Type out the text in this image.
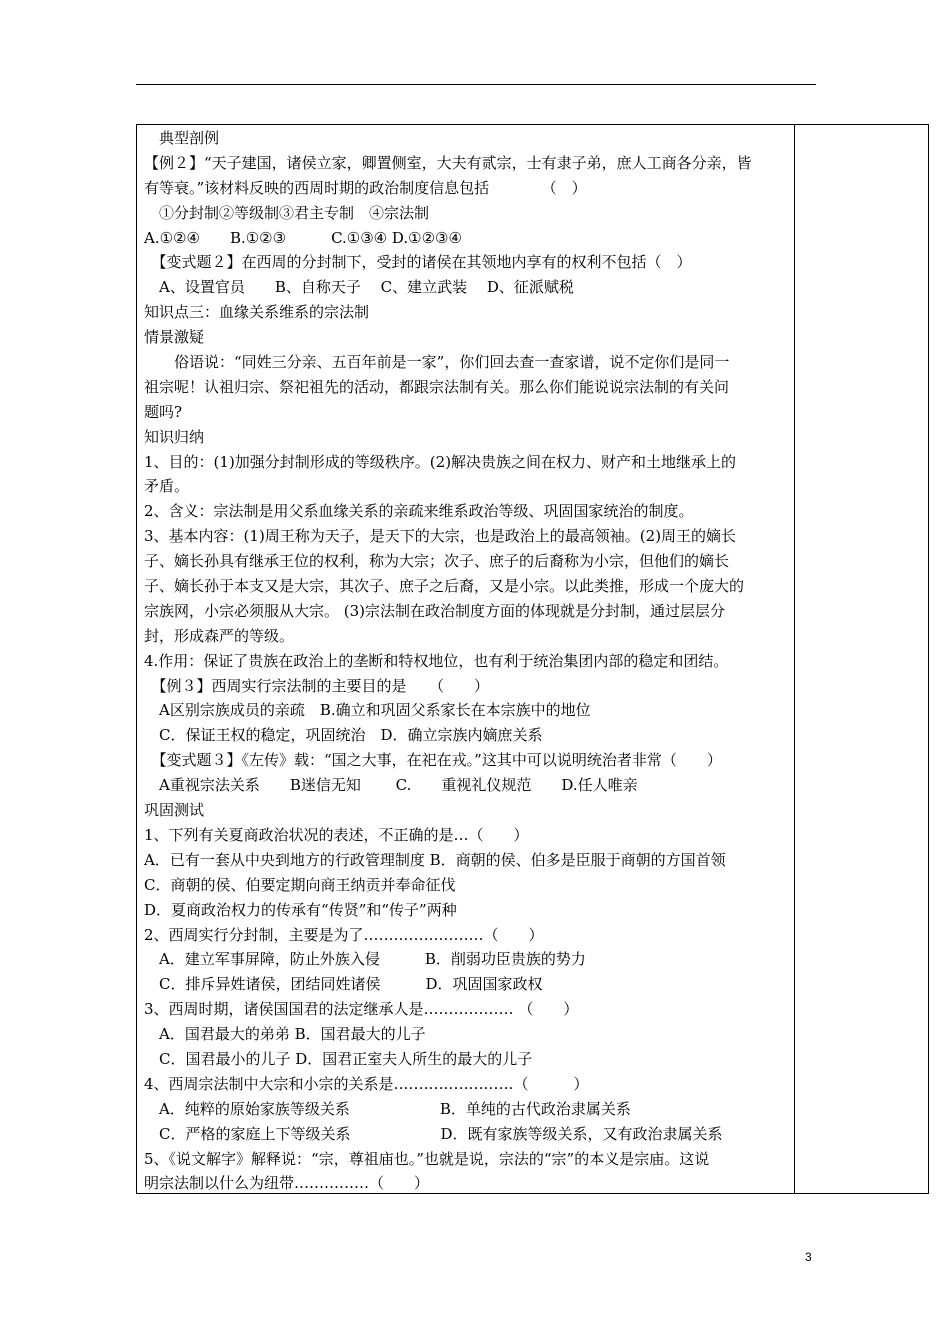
　典型剖例
【例２】“天子建国，诸侯立家，卿置侧室，大夫有贰宗，士有隶子弟，庶人工商各分亲，皆
有等衰。”该材料反映的西周时期的政治制度信息包括　　　　（　）
　①分封制②等级制③君主专制　④宗法制
A.①②④　　B.①②③　　　C.①③④ D.①②③④
　【变式题２】在西周的分封制下，受封的诸侯在其领地内享有的权利不包括（　）
　A、设置官员　　B、自称天子　 C、建立武装　 D、征派赋税
知识点三：血缘关系维系的宗法制
情景激疑
　　俗语说：“同姓三分亲、五百年前是一家”，你们回去查一查家谱，说不定你们是同一
祖宗呢！认祖归宗、祭祀祖先的活动，都跟宗法制有关。那么你们能说说宗法制的有关问
题吗?
知识归纳
1、目的：(1)加强分封制形成的等级秩序。(2)解决贵族之间在权力、财产和土地继承上的
矛盾。
2、含义：宗法制是用父系血缘关系的亲疏来维系政治等级、巩固国家统治的制度。
3、基本内容：(1)周王称为天子，是天下的大宗，也是政治上的最高领袖。(2)周王的嫡长
子、嫡长孙具有继承王位的权利，称为大宗；次子、庶子的后裔称为小宗，但他们的嫡长
子、嫡长孙于本支又是大宗，其次子、庶子之后裔，又是小宗。以此类推，形成一个庞大的
宗族网，小宗必须服从大宗。 (3)宗法制在政治制度方面的体现就是分封制，通过层层分
封，形成森严的等级。
4.作用：保证了贵族在政治上的垄断和特权地位，也有利于统治集团内部的稳定和团结。
　【例３】西周实行宗法制的主要目的是　　（　　）
　A区别宗族成员的亲疏　B.确立和巩固父系家长在本宗族中的地位
　C．保证王权的稳定，巩固统治　D．确立宗族内嫡庶关系
　【变式题３】《左传》载：“国之大事，在祀在戎。”这其中可以说明统治者非常（　　）
　A重视宗法关系　　B迷信无知　　 C.　　重视礼仪规范　　D.任人唯亲
巩固测试
1、下列有关夏商政治状况的表述，不正确的是…（　　）
A．已有一套从中央到地方的行政管理制度 B．商朝的侯、伯多是臣服于商朝的方国首领
C．商朝的侯、伯要定期向商王纳贡并奉命征伐
D．夏商政治权力的传承有“传贤”和“传子”两种
2、西周实行分封制，主要是为了……………………（　　）
　A．建立军事屏障，防止外族入侵　　　B．削弱功臣贵族的势力
　C．排斥异姓诸侯，团结同姓诸侯　　　D．巩固国家政权
3、西周时期，诸侯国国君的法定继承人是……………… （　　）
　A．国君最大的弟弟 B．国君最大的儿子
　C．国君最小的儿子 D．国君正室夫人所生的最大的儿子
4、西周宗法制中大宗和小宗的关系是……………………（　　　）
　A．纯粹的原始家族等级关系　　　　　　B．单纯的古代政治隶属关系
　C．严格的家庭上下等级关系　　　　　　D．既有家族等级关系，又有政治隶属关系
5、《说文解字》解释说：“宗，尊祖庙也。”也就是说，宗法的“宗”的本义是宗庙。这说
明宗法制以什么为纽带……………（　　）
3
